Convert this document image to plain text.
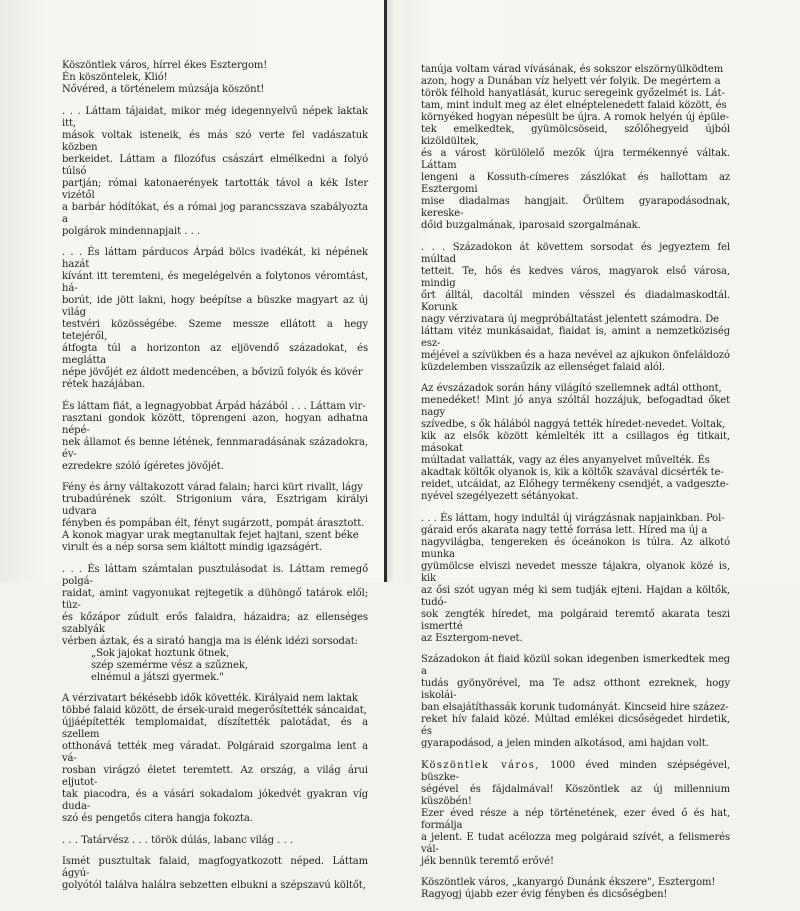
Köszöntlek város, hírrel ékes Esztergom!
Én köszöntelek, Klió!
Nővéred, a történelem múzsája köszönt!

. . . Láttam tájaidat, mikor még idegennyelvű népek laktak itt,
mások voltak isteneik, és más szó verte fel vadászatuk közben
berkeidet. Láttam a filozófus császárt elmélkedni a folyó túlsó
partján; római katonaerények tartották távol a kék Ister vizétől
a barbár hódítókat, és a római jog parancsszava szabályozta a
polgárok mindennapjait . . .

. . . És láttam párducos Árpád bölcs ivadékát, ki népének hazát
kívánt itt teremteni, és megelégelvén a folytonos véromtást, há-
borút, ide jött lakni, hogy beépítse a büszke magyart az új világ
testvéri közösségébe. Szeme messze ellátott a hegy tetejéről,
átfogta túl a horizonton az eljövendő századokat, és meglátta
népe jövőjét ez áldott medencében, a bővizű folyók és kövér
rétek hazájában.

És láttam fiát, a legnagyobbat Árpád házából . . . Láttam vir-
rasztani gondok között, töprengeni azon, hogyan adhatna népé-
nek államot és benne létének, fennmaradásának századokra, év-
ezredekre szóló ígéretes jövőjét.

Fény és árny váltakozott várad falain; harci kürt rivallt, lágy
trubadúrének szólt. Strigonium vára, Esztrigam királyi udvara
fényben és pompában élt, fényt sugárzott, pompát árasztott.
A konok magyar urak megtanultak fejet hajtani, szent béke
virult és a nép sorsa sem kiáltott mindig igazságért.

. . . És láttam számtalan pusztulásodat is. Láttam remegő polgá-
raidat, amint vagyonukat rejtegetik a dühöngő tatárok elől; tüz-
és kőzápor zúdult erős falaidra, házaidra; az ellenséges szablyák
vérben áztak, és a sirató hangja ma is élénk idézi sorsodat:

„Sok jajokat hoztunk ötnek,
szép szemérme vész a szűznek,
elnémul a játszi gyermek."

A vérzivatart békésebb idők követték. Királyaid nem laktak
többé falaid között, de érsek-uraid megerősítették sáncaidat,
újjáépítették templomaidat, díszítették palotádat, és a szellem
otthonává tették meg váradat. Polgáraid szorgalma lent a vá-
rosban virágzó életet teremtett. Az ország, a világ árui eljutot-
tak piacodra, és a vásári sokadalom jókedvét gyakran víg duda-
szó és pengetős citera hangja fokozta.

. . . Tatárvész . . . török dúlás, labanc világ . . .

Ismét pusztultak falaid, magfogyatkozott néped. Láttam ágyú-
golyótól találva halálra sebzetten elbukni a szépszavú költőt,

tanúja voltam várad vívásának, és sokszor elszörnyülködtem
azon, hogy a Dunában víz helyett vér folyik. De megértem a
török félhold hanyatlását, kuruc seregeink győzelmét is. Lát-
tam, mint indult meg az élet elnéptelenedett falaid között, és
környéked hogyan népesült be újra. A romok helyén új épüle-
tek emelkedtek, gyümölcsöseid, szőlőhegyeid újból kizöldültek,
és a várost körülölelő mezők újra termékennyé váltak. Láttam
lengeni a Kossuth-címeres zászlókat és hallottam az Esztergomi
mise diadalmas hangjait. Örültem gyarapodásodnak, kereske-
dőid buzgalmának, iparosaid szorgalmának.

. . . Századokon át követtem sorsodat és jegyeztem fel múltad
tetteit. Te, hős és kedves város, magyarok első városa, mindig
őrt álltál, dacoltál minden vésszel és diadalmaskodtál. Korunk
nagy vérzivatara új megpróbáltatást jelentett számodra. De
láttam vitéz munkásaidat, fiaidat is, amint a nemzetköziség esz-
méjével a szívükben és a haza nevével az ajkukon önfeláldozó
küzdelemben visszaűzik az ellenséget falaid alól.

Az évszázadok során hány világító szellemnek adtál otthont,
menedéket! Mint jó anya szóltál hozzájuk, befogadtad őket nagy
szívedbe, s ők hálából naggyá tették híredet-nevedet. Voltak,
kik az elsők között kémlelték itt a csillagos ég titkait, másokat
múltadat vallatták, vagy az éles anyanyelvet művelték. És
akadtak költők olyanok is, kik a költők szavával dicsérték te-
reidet, utcáidat, az Előhegy termékeny csendjét, a vadgeszte-
nyével szegélyezett sétányokat.

. . . És láttam, hogy indultál új virágzásnak napjainkban. Pol-
gáraid erős akarata nagy tetté forrása lett. Híred ma új a
nagyvilágba, tengereken és óceánokon is túlra. Az alkotó munka
gyümölcse elviszi nevedet messze tájakra, olyanok közé is, kik
az ősi szót ugyan még ki sem tudják ejteni. Hajdan a költők, tudó-
sok zengték híredet, ma polgáraid teremtő akarata teszi ismertté
az Esztergom-nevet.

Századokon át fiaid közül sokan idegenben ismerkedtek meg a
tudás gyönyörével, ma Te adsz otthont ezreknek, hogy iskolái-
ban elsajátíthassák korunk tudományát. Kincseid hire százez-
reket hív falaid közé. Múltad emlékei dicsőségedet hirdetik, és
gyarapodásod, a jelen minden alkotásod, ami hajdan volt.

Köszöntlek város, 1000 éved minden szépségével, büszke-
ségével és fájdalmával! Köszöntlek az új millennium küszöbén!
Ezer éved része a nép történetének, ezer éved ő és hat, formálja
a jelent. E tudat acélozza meg polgáraid szívét, a felismerés vál-
jék bennük teremtő erővé!

Köszöntlek város, „kanyargó Dunánk ékszere", Esztergom!
Ragyogj újabb ezer évig fényben és dicsőségben!
